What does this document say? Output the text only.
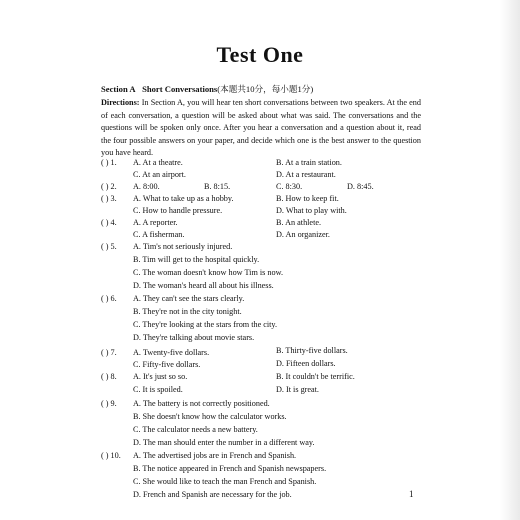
Test One
Section A Short Conversations(本题共10分，每小题1分)
Directions: In Section A, you will hear ten short conversations between two speakers. At the end of each conversation, a question will be asked about what was said. The conversations and the questions will be spoken only once. After you hear a conversation and a question about it, read the four possible answers on your paper, and decide which one is the best answer to the question you have heard.
( ) 1. A. At a theatre.	B. At a train station.
C. At an airport.	D. At a restaurant.
( ) 2. A. 8:00.	B. 8:15.	C. 8:30.	D. 8:45.
( ) 3. A. What to take up as a hobby.	B. How to keep fit.
C. How to handle pressure.	D. What to play with.
( ) 4. A. A reporter.	B. An athlete.
C. A fisherman.	D. An organizer.
( ) 5. A. Tim's not seriously injured.
B. Tim will get to the hospital quickly.
C. The woman doesn't know how Tim is now.
D. The woman's heard all about his illness.
( ) 6. A. They can't see the stars clearly.
B. They're not in the city tonight.
C. They're looking at the stars from the city.
D. They're talking about movie stars.
( ) 7. A. Twenty-five dollars.	B. Thirty-five dollars.
C. Fifty-five dollars.	D. Fifteen dollars.
( ) 8. A. It's just so so.	B. It couldn't be terrific.
C. It is spoiled.	D. It is great.
( ) 9. A. The battery is not correctly positioned.
B. She doesn't know how the calculator works.
C. The calculator needs a new battery.
D. The man should enter the number in a different way.
( ) 10. A. The advertised jobs are in French and Spanish.
B. The notice appeared in French and Spanish newspapers.
C. She would like to teach the man French and Spanish.
D. French and Spanish are necessary for the job.	1
